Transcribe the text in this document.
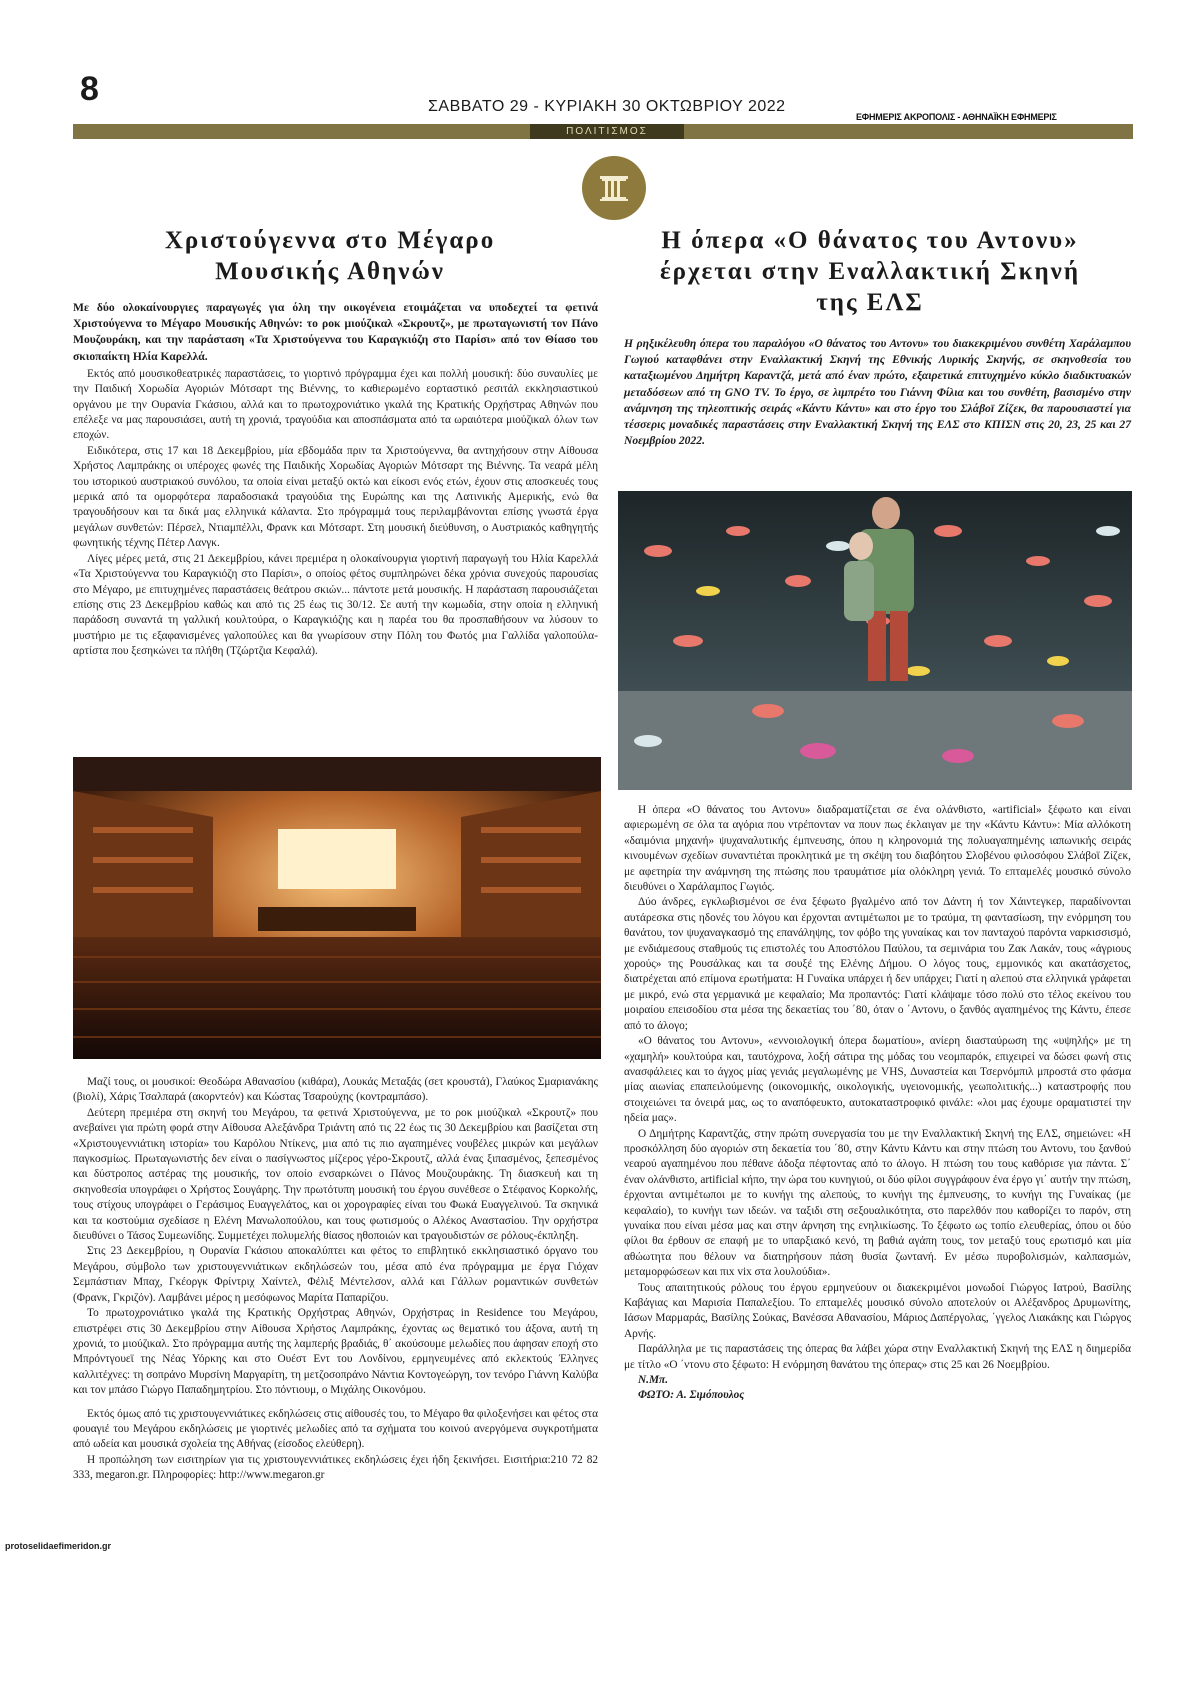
8	ΣΑΒΒΑΤΟ 29 - ΚΥΡΙΑΚΗ 30 ΟΚΤΩΒΡΙΟΥ 2022
ΕΦΗΜΕΡΙΣ ΑΚΡΟΠΟΛΙΣ - ΑΘΗΝΑΪΚΗ ΕΦΗΜΕΡΙΣ
ΠΟΛΙΤΙΣΜΟΣ
Χριστούγεννα στο Μέγαρο
Μουσικής Αθηνών
Η όπερα «Ο θάνατος του Αντονυ»
έρχεται στην Εναλλακτική Σκηνή
της ΕΛΣ

Με δύο ολοκαίνουργιες παραγωγές για όλη την οικογένεια ετοιμάζεται να υποδεχτεί τα φετινά Χριστούγεννα το Μέγαρο Μουσικής Αθηνών: το ροκ μιούζικαλ «Σκρουτζ», με πρωταγωνιστή τον Πάνο Μουζουράκη, και την παράσταση «Τα Χριστούγεννα του Καραγκιόζη στο Παρίσι» από τον Θίασο του σκιοπαίκτη Ηλία Καρελλά.

Εκτός από μουσικοθεατρικές παραστάσεις, το γιορτινό πρόγραμμα έχει και πολλή μουσική: δύο συναυλίες με την Παιδική Χορωδία Αγοριών Μότσαρτ της Βιέννης, το καθιερωμένο εορταστικό ρεσιτάλ εκκλησιαστικού οργάνου με την Ουρανία Γκάσιου, αλλά και το πρωτοχρονιάτικο γκαλά της Κρατικής Ορχήστρας Αθηνών που επέλεξε να μας παρουσιάσει, αυτή τη χρονιά, τραγούδια και αποσπάσματα από τα ωραιότερα μιούζικαλ όλων των εποχών.

Ειδικότερα, στις 17 και 18 Δεκεμβρίου, μία εβδομάδα πριν τα Χριστούγεννα, θα αντηχήσουν στην Αίθουσα Χρήστος Λαμπράκης οι υπέροχες φωνές της Παιδικής Χορωδίας Αγοριών Μότσαρτ της Βιέννης. Τα νεαρά μέλη του ιστορικού αυστριακού συνόλου, τα οποία είναι μεταξύ οκτώ και είκοσι ενός ετών, έχουν στις αποσκευές τους μερικά από τα ομορφότερα παραδοσιακά τραγούδια της Ευρώπης και της Λατινικής Αμερικής, ενώ θα τραγουδήσουν και τα δικά μας ελληνικά κάλαντα. Στο πρόγραμμά τους περιλαμβάνονται επίσης γνωστά έργα μεγάλων συνθετών: Πέρσελ, Ντιαμπέλλι, Φρανκ και Μότσαρτ. Στη μουσική διεύθυνση, ο Αυστριακός καθηγητής φωνητικής τέχνης Πέτερ Λανγκ.

Λίγες μέρες μετά, στις 21 Δεκεμβρίου, κάνει πρεμιέρα η ολοκαίνουργια γιορτινή παραγωγή του Ηλία Καρελλά «Τα Χριστούγεννα του Καραγκιόζη στο Παρίσι», ο οποίος φέτος συμπληρώνει δέκα χρόνια συνεχούς παρουσίας στο Μέγαρο, με επιτυχημένες παραστάσεις θεάτρου σκιών... πάντοτε μετά μουσικής. Η παράσταση παρουσιάζεται επίσης στις 23 Δεκεμβρίου καθώς και από τις 25 έως τις 30/12. Σε αυτή την κωμωδία, στην οποία η ελληνική παράδοση συναντά τη γαλλική κουλτούρα, ο Καραγκιόζης και η παρέα του θα προσπαθήσουν να λύσουν το μυστήριο με τις εξαφανισμένες γαλοπούλες και θα γνωρίσουν στην Πόλη του Φωτός μια Γαλλίδα γαλοπούλα-αρτίστα που ξεσηκώνει τα πλήθη (Τζώρτζια Κεφαλά).

Μαζί τους, οι μουσικοί: Θεοδώρα Αθανασίου (κιθάρα), Λουκάς Μεταξάς (σετ κρουστά), Γλαύκος Σμαριανάκης (βιολί), Χάρις Τσαλπαρά (ακορντεόν) και Κώστας Τσαρούχης (κοντραμπάσο).

Δεύτερη πρεμιέρα στη σκηνή του Μεγάρου, τα φετινά Χριστούγεννα, με το ροκ μιούζικαλ «Σκρουτζ» που ανεβαίνει για πρώτη φορά στην Αίθουσα Αλεξάνδρα Τριάντη από τις 22 έως τις 30 Δεκεμβρίου και βασίζεται στη «Χριστουγεννιάτικη ιστορία» του Καρόλου Ντίκενς, μια από τις πιο αγαπημένες νουβέλες μικρών και μεγάλων παγκοσμίως. Πρωταγωνιστής δεν είναι ο πασίγνωστος μίζερος γέρο-Σκρουτζ, αλλά ένας ξιπασμένος, ξεπεσμένος και δύστροπος αστέρας της μουσικής, τον οποίο ενσαρκώνει ο Πάνος Μουζουράκης. Τη διασκευή και τη σκηνοθεσία υπογράφει ο Χρήστος Σουγάρης. Την πρωτότυπη μουσική του έργου συνέθεσε ο Στέφανος Κορκολής, τους στίχους υπογράφει ο Γεράσιμος Ευαγγελάτος, και οι χορογραφίες είναι του Φωκά Ευαγγελινού. Τα σκηνικά και τα κοστούμια σχεδίασε η Ελένη Μανωλοπούλου, και τους φωτισμούς ο Αλέκος Αναστασίου. Την ορχήστρα διευθύνει ο Τάσος Συμεωνίδης. Συμμετέχει πολυμελής θίασος ηθοποιών και τραγουδιστών σε ρόλους-έκπληξη.

Στις 23 Δεκεμβρίου, η Ουρανία Γκάσιου αποκαλύπτει και φέτος το επιβλητικό εκκλησιαστικό όργανο του Μεγάρου, σύμβολο των χριστουγεννιάτικων εκδηλώσεών του, μέσα από ένα πρόγραμμα με έργα Γιόχαν Σεμπάστιαν Μπαχ, Γκέοργκ Φρίντριχ Χαίντελ, Φέλιξ Μέντελσον, αλλά και Γάλλων ρομαντικών συνθετών (Φρανκ, Γκριζόν). Λαμβάνει μέρος η μεσόφωνος Μαρίτα Παπαρίζου.

Το πρωτοχρονιάτικο γκαλά της Κρατικής Ορχήστρας Αθηνών, Ορχήστρας in Residence του Μεγάρου, επιστρέφει στις 30 Δεκεμβρίου στην Αίθουσα Χρήστος Λαμπράκης, έχοντας ως θεματικό του άξονα, αυτή τη χρονιά, το μιούζικαλ. Στο πρόγραμμα αυτής της λαμπερής βραδιάς, θ΄ ακούσουμε μελωδίες που άφησαν εποχή στο Μπρόντγουεϊ της Νέας Υόρκης και στο Ουέστ Εντ του Λονδίνου, ερμηνευμένες από εκλεκτούς Έλληνες καλλιτέχνες: τη σοπράνο Μυρσίνη Μαργαρίτη, τη μετζοσοπράνο Νάντια Κοντογεώργη, τον τενόρο Γιάννη Καλύβα και τον μπάσο Γιώργο Παπαδημητρίου. Στο πόντιουμ, ο Μιχάλης Οικονόμου.

Εκτός όμως από τις χριστουγεννιάτικες εκδηλώσεις στις αίθουσές του, το Μέγαρο θα φιλοξενήσει και φέτος στα φουαγιέ του Μεγάρου εκδηλώσεις με γιορτινές μελωδίες από τα σχήματα του κοινού ανεργόμενα συγκροτήματα από ωδεία και μουσικά σχολεία της Αθήνας (είσοδος ελεύθερη).

Η προπώληση των εισιτηρίων για τις χριστουγεννιάτικες εκδηλώσεις έχει ήδη ξεκινήσει. Εισιτήρια:210 72 82 333, megaron.gr. Πληροφορίες: http://www.megaron.gr

Η ρηξικέλευθη όπερα του παραλόγου «Ο θάνατος του Αντονυ» του διακεκριμένου συνθέτη Χαράλαμπου Γωγιού καταφθάνει στην Εναλλακτική Σκηνή της Εθνικής Λυρικής Σκηνής, σε σκηνοθεσία του καταξιωμένου Δημήτρη Καραντζά, μετά από έναν πρώτο, εξαιρετικά επιτυχημένο κύκλο διαδικτυακών μεταδόσεων από τη GNO TV. Το έργο, σε λιμπρέτο του Γιάννη Φίλια και του συνθέτη, βασισμένο στην ανάμνηση της τηλεοπτικής σειράς «Κάντυ Κάντυ» και στο έργο του Σλάβοϊ Ζίζεκ, θα παρουσιαστεί για τέσσερις μοναδικές παραστάσεις στην Εναλλακτική Σκηνή της ΕΛΣ στο ΚΠΙΣΝ στις 20, 23, 25 και 27 Νοεμβρίου 2022.

Η όπερα «Ο θάνατος του Αντονυ» διαδραματίζεται σε ένα ολάνθιστο, «artificial» ξέφωτο και είναι αφιερωμένη σε όλα τα αγόρια που ντρέπονταν να πουν πως έκλαιγαν με την «Κάντυ Κάντυ»: Μία αλλόκοτη «δαιμόνια μηχανή» ψυχαναλυτικής έμπνευσης, όπου η κληρονομιά της πολυαγαπημένης ιαπωνικής σειράς κινουμένων σχεδίων συναντιέται προκλητικά με τη σκέψη του διαβόητου Σλοβένου φιλοσόφου Σλάβοϊ Ζίζεκ, με αφετηρία την ανάμνηση της πτώσης που τραυμάτισε μία ολόκληρη γενιά. Το επταμελές μουσικό σύνολο διευθύνει ο Χαράλαμπος Γωγιός.

Δύο άνδρες, εγκλωβισμένοι σε ένα ξέφωτο βγαλμένο από τον Δάντη ή τον Χάιντεγκερ, παραδίνονται αυτάρεσκα στις ηδονές του λόγου και έρχονται αντιμέτωποι με το τραύμα, τη φαντασίωση, την ενόρμηση του θανάτου, τον ψυχαναγκασμό της επανάληψης, τον φόβο της γυναίκας και τον πανταχού παρόντα ναρκισσισμό, με ενδιάμεσους σταθμούς τις επιστολές του Αποστόλου Παύλου, τα σεμινάρια του Ζακ Λακάν, τους «άγριους χορούς» της Ρουσάλκας και τα σουξέ της Ελένης Δήμου. Ο λόγος τους, εμμονικός και ακατάσχετος, διατρέχεται από επίμονα ερωτήματα: Η Γυναίκα υπάρχει ή δεν υπάρχει; Γιατί η αλεπού στα ελληνικά γράφεται με μικρό, ενώ στα γερμανικά με κεφαλαίο; Μα προπαντός: Γιατί κλάψαμε τόσο πολύ στο τέλος εκείνου του μοιραίου επεισοδίου στα μέσα της δεκαετίας του ΄80, όταν ο ΄Αντονυ, ο ξανθός αγαπημένος της Κάντυ, έπεσε από το άλογο;

«Ο θάνατος του Αντονυ», «εννοιολογική όπερα δωματίου», ανίερη διασταύρωση της «υψηλής» με τη «χαμηλή» κουλτούρα και, ταυτόχρονα, λοξή σάτιρα της μόδας του νεομπαρόκ, επιχειρεί να δώσει φωνή στις ανασφάλειες και το άγχος μίας γενιάς μεγαλωμένης με VHS, Δυναστεία και Τσερνόμπιλ μπροστά στο φάσμα μίας αιωνίας επαπειλούμενης (οικονομικής, οικολογικής, υγειονομικής, γεωπολιτικής...) καταστροφής που στοιχειώνει τα όνειρά μας, ως το αναπόφευκτο, αυτοκαταστροφικό φινάλε: «λοι μας έχουμε οραματιστεί την ηδεία μας».

Ο Δημήτρης Καραντζάς, στην πρώτη συνεργασία του με την Εναλλακτική Σκηνή της ΕΛΣ, σημειώνει: «Η προσκόλληση δύο αγοριών στη δεκαετία του ΄80, στην Κάντυ Κάντυ και στην πτώση του Αντονυ, του ξανθού νεαρού αγαπημένου που πέθανε άδοξα πέφτοντας από το άλογο. Η πτώση του τους καθόρισε για πάντα. Σ΄ έναν ολάνθιστο, artificial κήπο, την ώρα του κυνηγιού, οι δύο φίλοι συγγράφουν ένα έργο γι΄ αυτήν την πτώση, έρχονται αντιμέτωποι με το κυνήγι της αλεπούς, το κυνήγι της έμπνευσης, το κυνήγι της Γυναίκας (με κεφαλαίο), το κυνήγι των ιδεών. να ταξιδι στη σεξουαλικότητα, στο παρελθόν που καθορίζει το παρόν, στη γυναίκα που είναι μέσα μας και στην άρνηση της ενηλικίωσης. Το ξέφωτο ως τοπίο ελευθερίας, όπου οι δύο φίλοι θα έρθουν σε επαφή με το υπαρξιακό κενό, τη βαθιά αγάπη τους, τον μεταξύ τους ερωτισμό και μία αθώωτητα που θέλουν να διατηρήσουν πάση θυσία ζωντανή. Εν μέσω πυροβολισμών, καλπασμών, μεταμορφώσεων και πιx vix στα λουλούδια».

Τους απαιτητικούς ρόλους του έργου ερμηνεύουν οι διακεκριμένοι μονωδοί Γιώργος Ιατρού, Βασίλης Καβάγιας και Μαρισία Παπαλεξίου. Το επταμελές μουσικό σύνολο αποτελούν οι Αλέξανδρος Δρυμωνίτης, Ιάσων Μαρμαράς, Βασίλης Σούκας, Βανέσσα Αθανασίου, Μάριος Δαπέργολας, ΄γγελος Λιακάκης και Γιώργος Αρνής.

Παράλληλα με τις παραστάσεις της όπερας θα λάβει χώρα στην Εναλλακτική Σκηνή της ΕΛΣ η διημερίδα με τίτλο «Ο ΄ντονυ στο ξέφωτο: Η ενόρμηση θανάτου της όπερας» στις 25 και 26 Νοεμβρίου.

Ν.Μπ.

ΦΩΤΟ: Α. Σιμόπουλος

protoselidaefimeridon.gr
